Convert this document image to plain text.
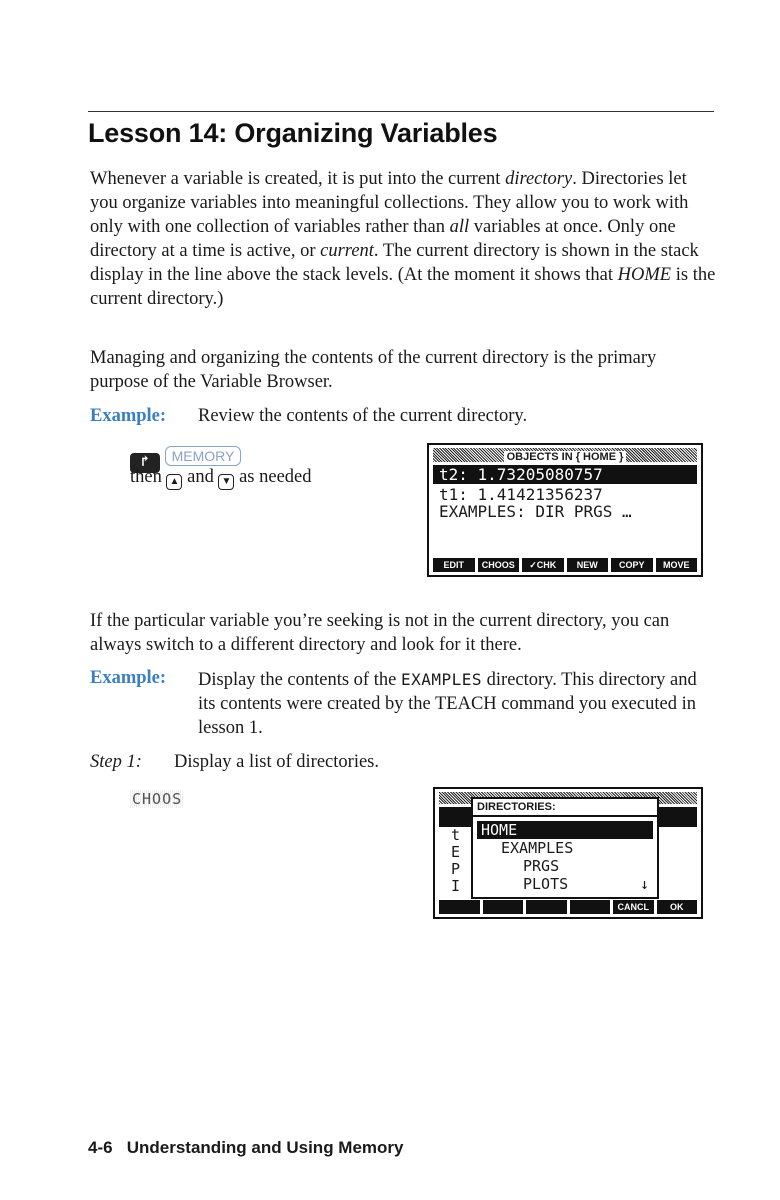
Lesson 14: Organizing Variables
Whenever a variable is created, it is put into the current directory. Directories let you organize variables into meaningful collections. They allow you to work with only with one collection of variables rather than all variables at once. Only one directory at a time is active, or current. The current directory is shown in the stack display in the line above the stack levels. (At the moment it shows that HOME is the current directory.)
Managing and organizing the contents of the current directory is the primary purpose of the Variable Browser.
Example: Review the contents of the current directory.
↱ MEMORY
then ▲ and ▼ as needed
OBJECTS IN { HOME }
t2: 1.73205080757
t1: 1.41421356237
EXAMPLES: DIR PRGS …
EDIT	CHOOS	✓CHK	NEW	COPY	MOVE
If the particular variable you’re seeking is not in the current directory, you can always switch to a different directory and look for it there.
Example: Display the contents of the EXAMPLES directory. This directory and its contents were created by the TEACH command you executed in lesson 1.
Step 1: Display a list of directories.
CHOOS
t
E
P
I
DIRECTORIES:
HOME
EXAMPLES
PRGS
PLOTS	↓
CANCL	OK
4-6   Understanding and Using Memory
